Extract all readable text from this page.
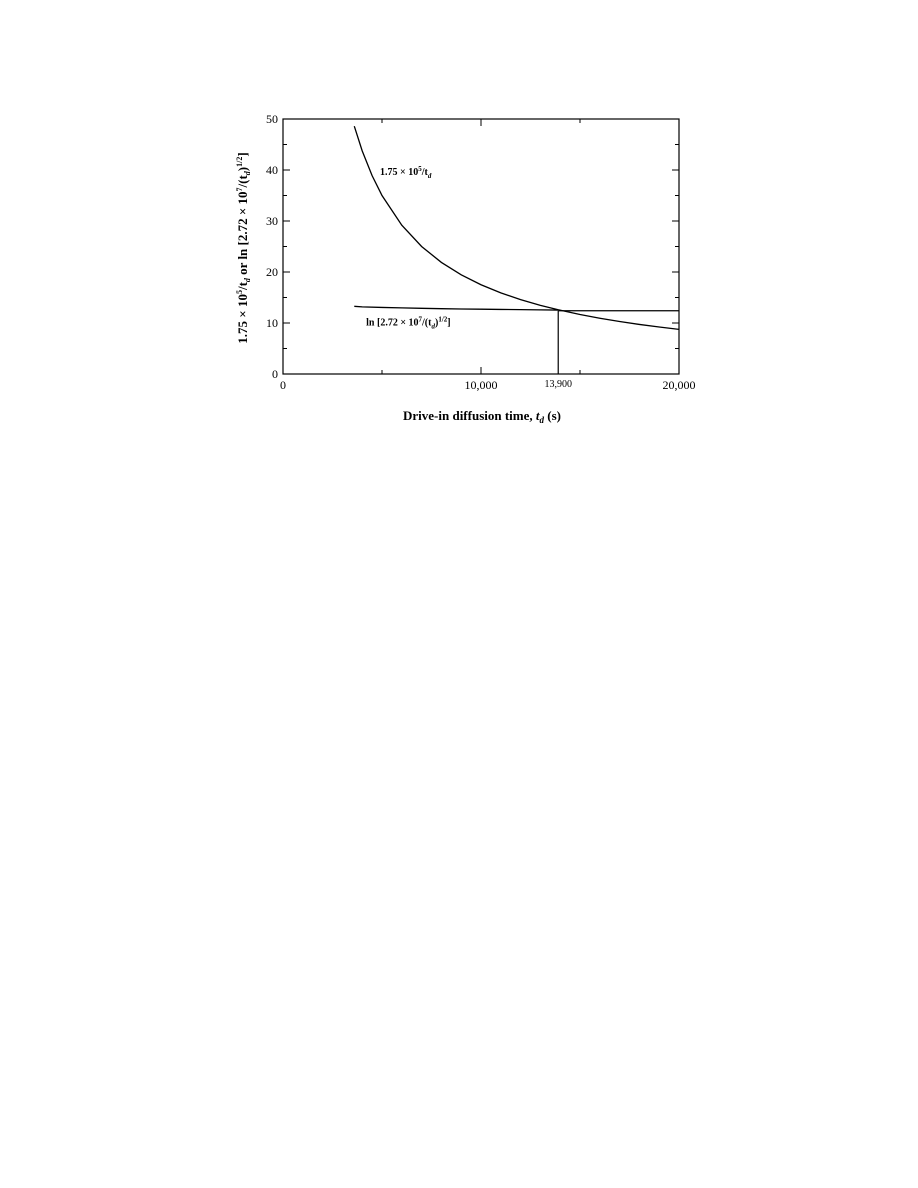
0
10
20
30
40
50
0	10,000	20,000
Drive-in diffusion time, $t_d$ (s)
$1.75 \times 10^5/t_d$ or $\ln [2.72 \times 10^7/(t_d)^{1/2}]$
$1.75 \times 10^5/t_d$
$\ln [2.72 \times 10^7/(t_d)^{1/2}]$
13,900
